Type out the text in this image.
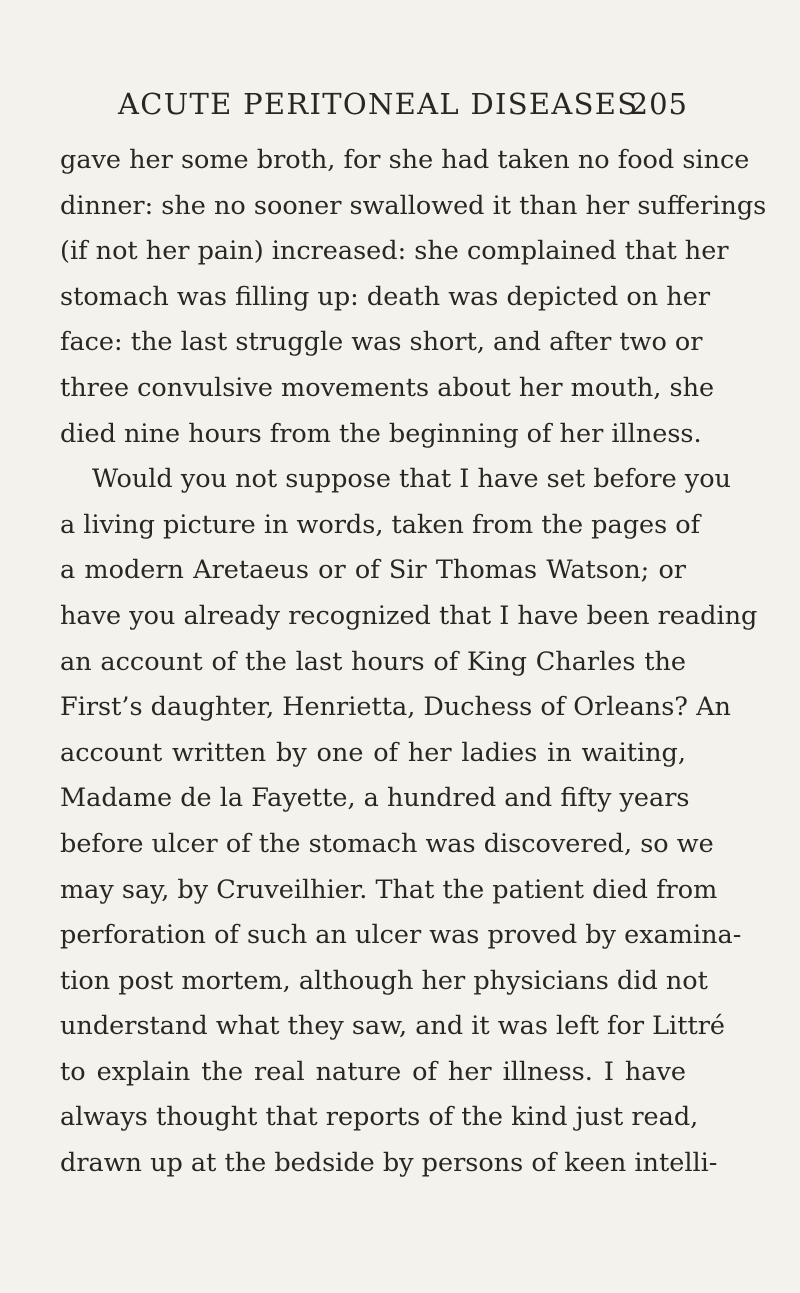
ACUTE PERITONEAL DISEASES
205
gave her some broth, for she had taken no food since
dinner: she no sooner swallowed it than her sufferings
(if not her pain) increased: she complained that her
stomach was filling up: death was depicted on her
face: the last struggle was short, and after two or
three convulsive movements about her mouth, she
died nine hours from the beginning of her illness.
Would you not suppose that I have set before you
a living picture in words, taken from the pages of
a modern Aretaeus or of Sir Thomas Watson; or
have you already recognized that I have been reading
an account of the last hours of King Charles the
First’s daughter, Henrietta, Duchess of Orleans? An
account written by one of her ladies in waiting,
Madame de la Fayette, a hundred and fifty years
before ulcer of the stomach was discovered, so we
may say, by Cruveilhier. That the patient died from
perforation of such an ulcer was proved by examina-
tion post mortem, although her physicians did not
understand what they saw, and it was left for Littré
to explain the real nature of her illness. I have
always thought that reports of the kind just read,
drawn up at the bedside by persons of keen intelli-
